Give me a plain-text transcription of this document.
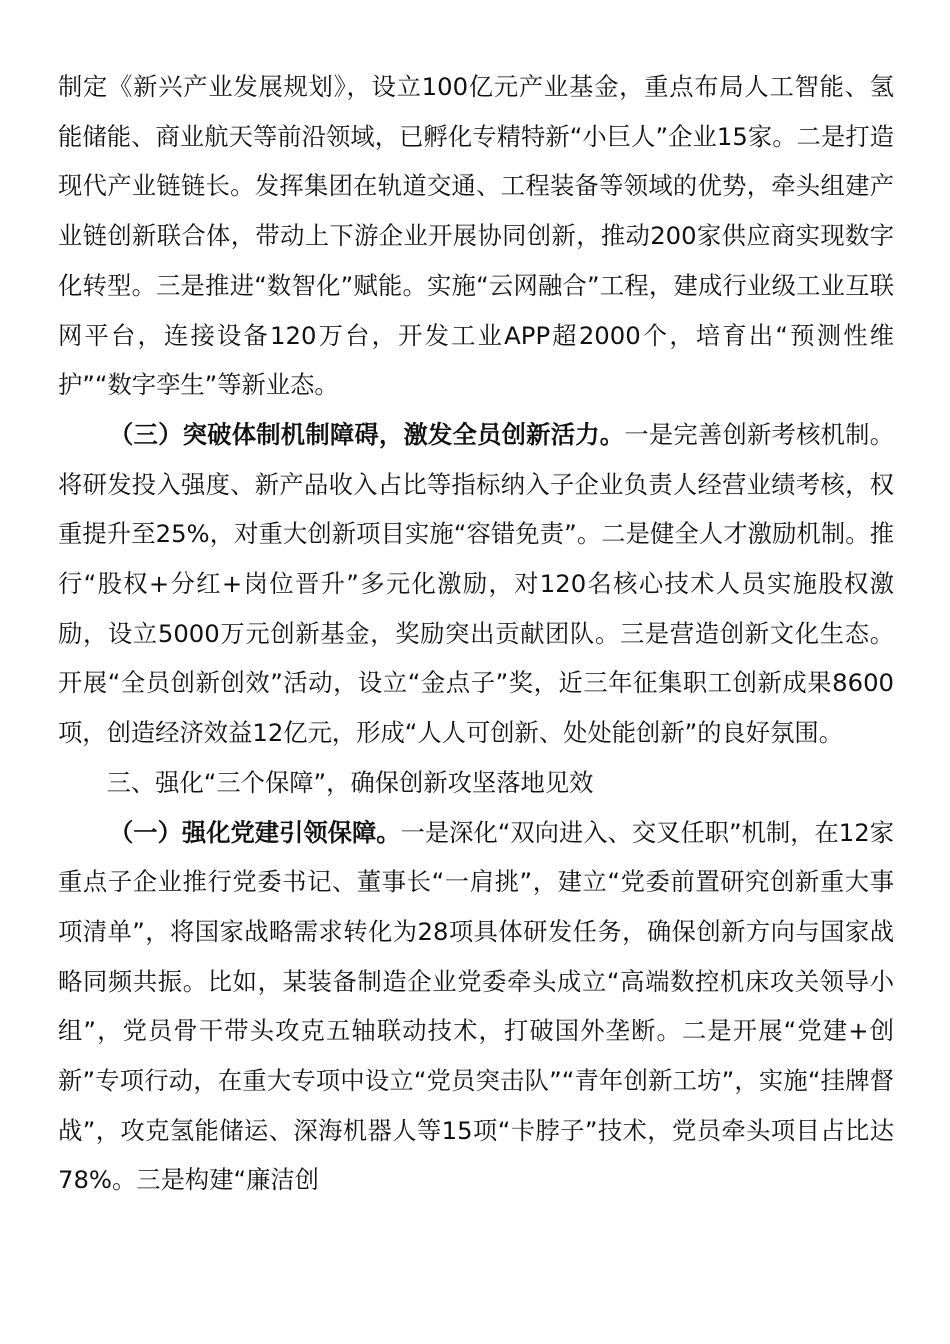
制定《新兴产业发展规划》，设立100亿元产业基金，重点布局人工智能、氢能储能、商业航天等前沿领域，已孵化专精特新“小巨人”企业15家。二是打造现代产业链链长。发挥集团在轨道交通、工程装备等领域的优势，牵头组建产业链创新联合体，带动上下游企业开展协同创新，推动200家供应商实现数字化转型。三是推进“数智化”赋能。实施“云网融合”工程，建成行业级工业互联网平台，连接设备120万台，开发工业APP超2000个，培育出“预测性维护”“数字孪生”等新业态。

（三）突破体制机制障碍，激发全员创新活力。一是完善创新考核机制。将研发投入强度、新产品收入占比等指标纳入子企业负责人经营业绩考核，权重提升至25%，对重大创新项目实施“容错免责”。二是健全人才激励机制。推行“股权+分红+岗位晋升”多元化激励，对120名核心技术人员实施股权激励，设立5000万元创新基金，奖励突出贡献团队。三是营造创新文化生态。开展“全员创新创效”活动，设立“金点子”奖，近三年征集职工创新成果8600项，创造经济效益12亿元，形成“人人可创新、处处能创新”的良好氛围。

三、强化“三个保障”，确保创新攻坚落地见效

（一）强化党建引领保障。一是深化“双向进入、交叉任职”机制，在12家重点子企业推行党委书记、董事长“一肩挑”，建立“党委前置研究创新重大事项清单”，将国家战略需求转化为28项具体研发任务，确保创新方向与国家战略同频共振。比如，某装备制造企业党委牵头成立“高端数控机床攻关领导小组”，党员骨干带头攻克五轴联动技术，打破国外垄断。二是开展“党建+创新”专项行动，在重大专项中设立“党员突击队”“青年创新工坊”，实施“挂牌督战”，攻克氢能储运、深海机器人等15项“卡脖子”技术，党员牵头项目占比达78%。三是构建“廉洁创
